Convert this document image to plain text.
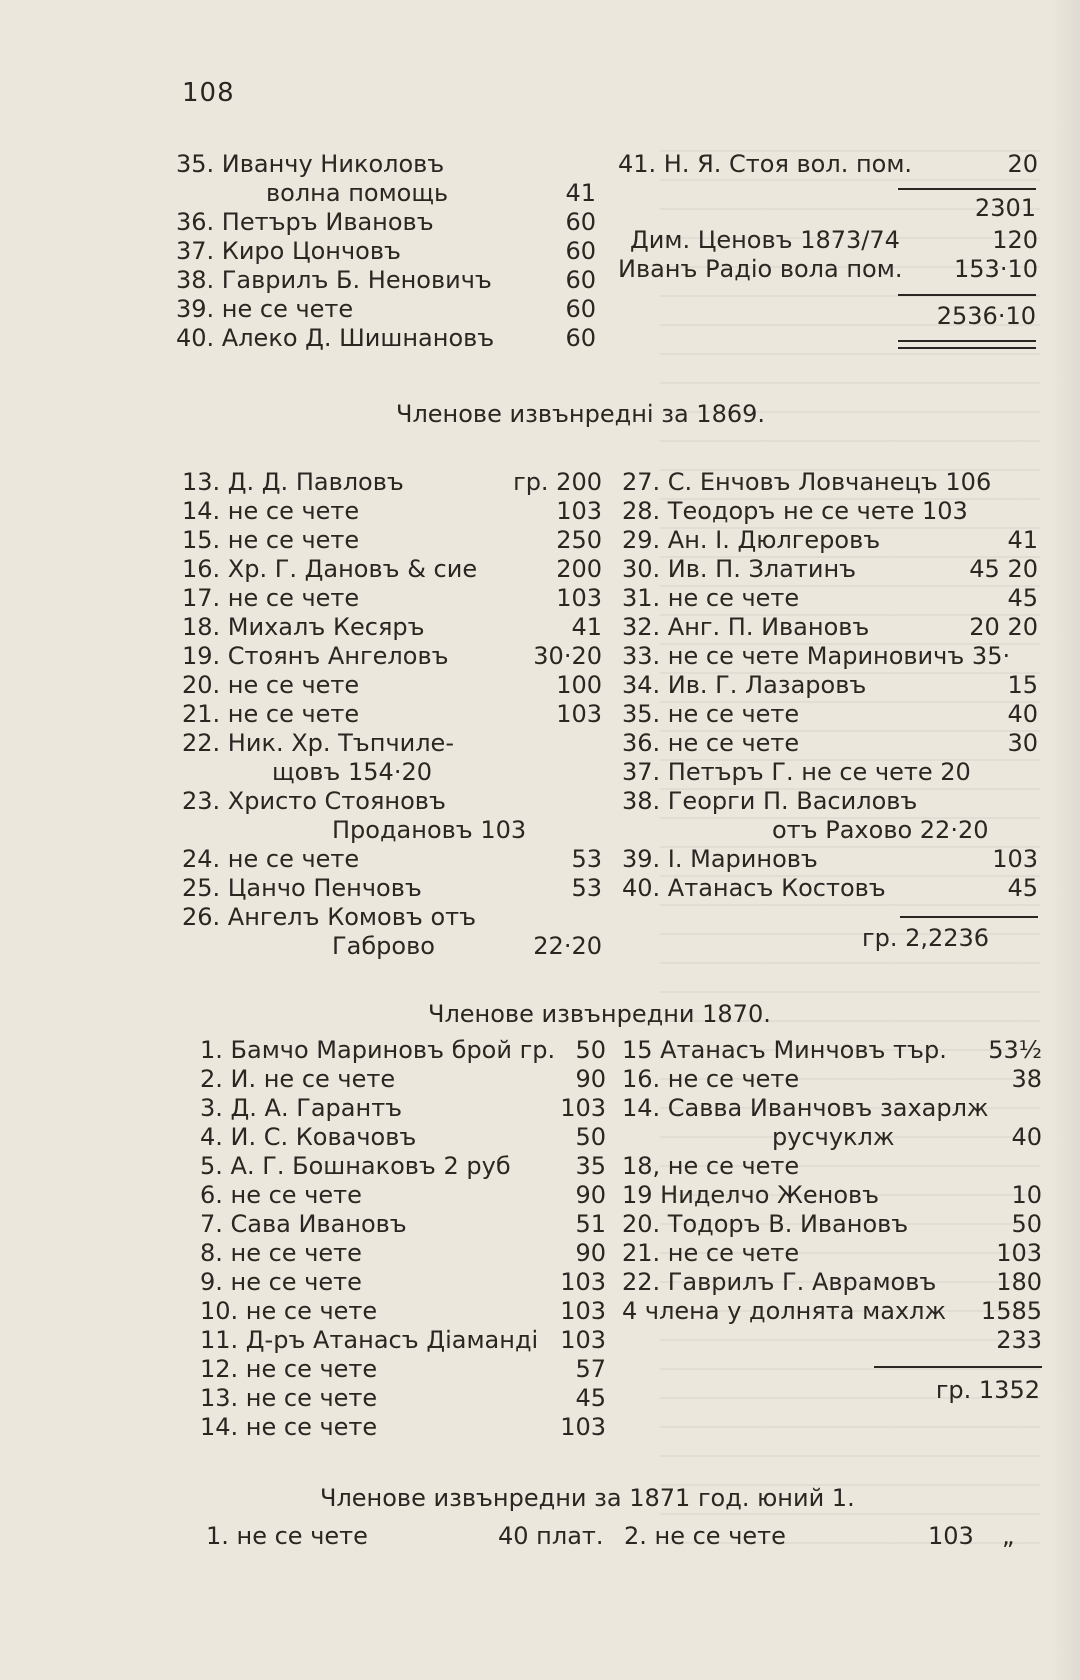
108
35. Иванчу Николовъ
волна помощь	41
36. Петъръ Ивановъ	60
37. Киро Цончовъ	60
38. Гаврилъ Б. Неновичъ	60
39. не се чете	60
40. Алеко Д. Шишнановъ	60
41. Н. Я. Стоя вол. пом.	20
2301
Дим. Ценовъ 1873/74	120
Иванъ Радіо вола пом. 153·10
2536·10
Членове извънредні за 1869.
13. Д. Д. Павловъ	гр. 200
14. не се чете	103
15. не се чете	250
16. Хр. Г. Дановъ & сие	200
17. не се чете	103
18. Михалъ Кесяръ	41
19. Стоянъ Ангеловъ	30·20
20. не се чете	100
21. не се чете	103
22. Ник. Хр. Тъпчиле-
щовъ 154·20
23. Христо Стояновъ
Продановъ 103
24. не се чете	53
25. Цанчо Пенчовъ	53
26. Ангелъ Комовъ отъ
Габрово	22·20
27. С. Енчовъ Ловчанецъ 106
28. Теодоръ не се чете 103
29. Ан. І. Дюлгеровъ	41
30. Ив. П. Златинъ	45 20
31. не се чете	45
32. Анг. П. Ивановъ	20 20
33. не се чете Мариновичъ 35·
34. Ив. Г. Лазаровъ	15
35. не се чете	40
36. не се чете	30
37. Петъръ Г. не се чете 20
38. Георги П. Василовъ
отъ Рахово 22·20
39. І. Мариновъ	103
40. Атанасъ Костовъ	45
гр. 2,2236
Членове извънредни 1870.
1. Бамчо Мариновъ брой гр. 50
2. И. не се чете	90
3. Д. А. Гарантъ	103
4. И. С. Ковачовъ	50
5. А. Г. Бошнаковъ 2 руб	35
6. не се чете	90
7. Сава Ивановъ	51
8. не се чете	90
9. не се чете	103
10. не се чете	103
11. Д-ръ Атанасъ Діаманді 103
12. не се чете	57
13. не се чете	45
14. не се чете	103
15 Атанасъ Минчовъ тър. 53½
16. не се чете	38
14. Савва Иванчовъ захарлж
русчуклж	40
18, не се чете
19 Ниделчо Женовъ	10
20. Тодоръ В. Ивановъ	50
21. не се чете	103
22. Гаврилъ Г. Аврамовъ 180
4 члена у долнята махлж 1585
233
гр. 1352
Членове извънредни за 1871 год. юний 1.
1. не се чете	40 плат. 2. не се чете	103 „
